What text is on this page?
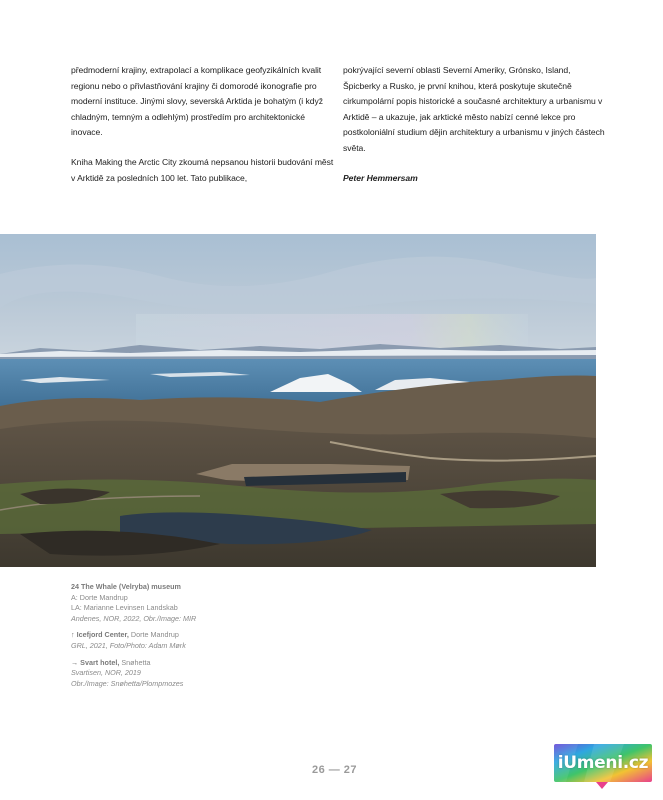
předmoderní krajiny, extrapolací a komplikace geofyzikálních kvalit regionu nebo o přivlastňování krajiny či domorodé ikonografie pro moderní instituce. Jinými slovy, severská Arktida je bohatým (i když chladným, temným a odlehlým) prostředím pro architektonické inovace.

Kniha Making the Arctic City zkoumá nepsanou historii budování měst v Arktidě za posledních 100 let. Tato publikace,

pokrývající severní oblasti Severní Ameriky, Grónsko, Island, Špicberky a Rusko, je první knihou, která poskytuje skutečně cirkumpolární popis historické a současné architektury a urbanismu v Arktidě – a ukazuje, jak arktické město nabízí cenné lekce pro postkoloniální studium dějin architektury a urbanismu v jiných částech světa.

Peter Hemmersam
24 The Whale (Velryba) museum
A: Dorte Mandrup
LA: Marianne Levinsen Landskab
Andenes, NOR, 2022, Obr./Image: MIR
↑ Icefjord Center, Dorte Mandrup
GRL, 2021, Foto/Photo: Adam Mørk
→ Svart hotel, Snøhetta
Svartisen, NOR, 2019
Obr./Image: Snøhetta/Plompmozes
26 — 27	iUmeni.cz
